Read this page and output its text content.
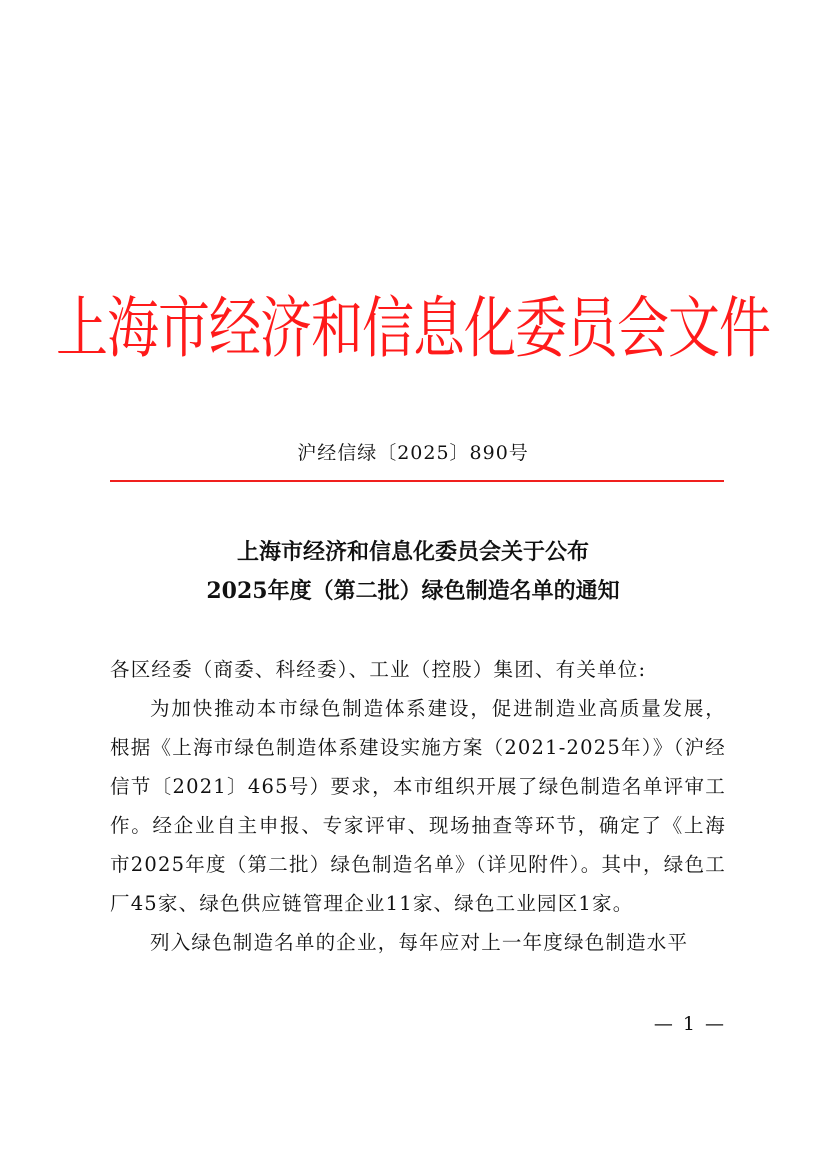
上海市经济和信息化委员会文件
沪经信绿〔2025〕890号
上海市经济和信息化委员会关于公布
2025年度（第二批）绿色制造名单的通知

各区经委（商委、科经委）、工业（控股）集团、有关单位:

为加快推动本市绿色制造体系建设，促进制造业高质量发展，根据《上海市绿色制造体系建设实施方案（2021-2025年）》（沪经信节〔2021〕465号）要求，本市组织开展了绿色制造名单评审工作。经企业自主申报、专家评审、现场抽查等环节，确定了《上海市2025年度（第二批）绿色制造名单》（详见附件）。其中，绿色工厂45家、绿色供应链管理企业11家、绿色工业园区1家。

列入绿色制造名单的企业，每年应对上一年度绿色制造水平

— 1 —
